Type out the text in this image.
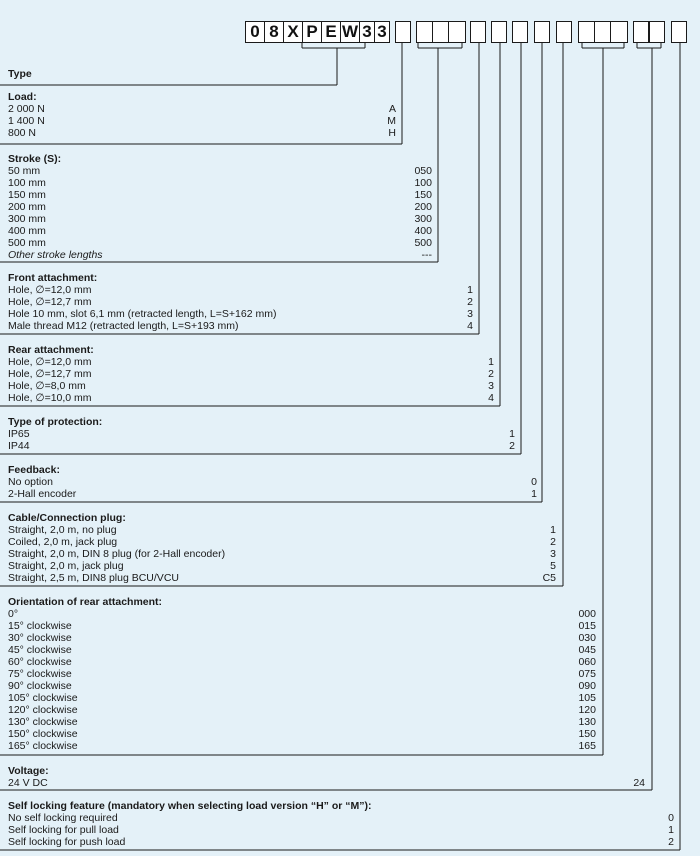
0 8 X P E W 3 3
Type
Load:
2 000 N	A
1 400 N	M
800 N	H
Stroke (S):
50 mm	050
100 mm	100
150 mm	150
200 mm	200
300 mm	300
400 mm	400
500 mm	500
Other stroke lengths	---
Front attachment:
Hole, ∅=12,0 mm	1
Hole, ∅=12,7 mm	2
Hole 10 mm, slot 6,1 mm (retracted length, L=S+162 mm)	3
Male thread M12 (retracted length, L=S+193 mm)	4
Rear attachment:
Hole, ∅=12,0 mm	1
Hole, ∅=12,7 mm	2
Hole, ∅=8,0 mm	3
Hole, ∅=10,0 mm	4
Type of protection:
IP65	1
IP44	2
Feedback:
No option	0
2-Hall encoder	1
Cable/Connection plug:
Straight, 2,0 m, no plug	1
Coiled, 2,0 m, jack plug	2
Straight, 2,0 m, DIN 8 plug (for 2-Hall encoder)	3
Straight, 2,0 m, jack plug	5
Straight, 2,5 m, DIN8 plug BCU/VCU	C5
Orientation of rear attachment:
0°	000
15° clockwise	015
30° clockwise	030
45° clockwise	045
60° clockwise	060
75° clockwise	075
90° clockwise	090
105° clockwise	105
120° clockwise	120
130° clockwise	130
150° clockwise	150
165° clockwise	165
Voltage:
24 V DC	24
Self locking feature (mandatory when selecting load version “H” or “M”):
No self locking required	0
Self locking for pull load	1
Self locking for push load	2
